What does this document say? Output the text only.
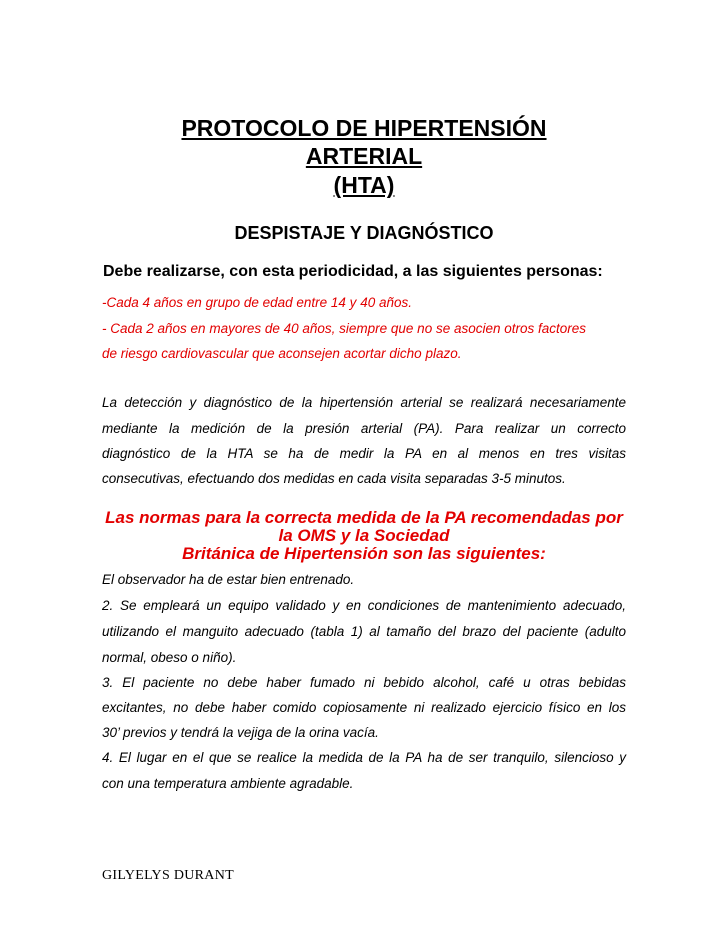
PROTOCOLO DE HIPERTENSIÓN
ARTERIAL
(HTA)
DESPISTAJE Y DIAGNÓSTICO
Debe realizarse, con esta periodicidad, a las siguientes personas:
-Cada 4 años en grupo de edad entre 14 y 40 años.
- Cada 2 años en mayores de 40 años, siempre que no se asocien otros factores
de riesgo cardiovascular que aconsejen acortar dicho plazo.
La detección y diagnóstico de la hipertensión arterial se realizará necesariamente
mediante la medición de la presión arterial (PA). Para realizar un correcto
diagnóstico de la HTA se ha de medir la PA en al menos en tres visitas
consecutivas, efectuando dos medidas en cada visita separadas 3-5 minutos.
Las normas para la correcta medida de la PA recomendadas por
la OMS y la Sociedad
Británica de Hipertensión son las siguientes:
El observador ha de estar bien entrenado.
2. Se empleará un equipo validado y en condiciones de mantenimiento adecuado,
utilizando el manguito adecuado (tabla 1) al tamaño del brazo del paciente (adulto
normal, obeso o niño).
3. El paciente no debe haber fumado ni bebido alcohol, café u otras bebidas
excitantes, no debe haber comido copiosamente ni realizado ejercicio físico en los
30’ previos y tendrá la vejiga de la orina vacía.
4. El lugar en el que se realice la medida de la PA ha de ser tranquilo, silencioso y
con una temperatura ambiente agradable.
GILYELYS DURANT
